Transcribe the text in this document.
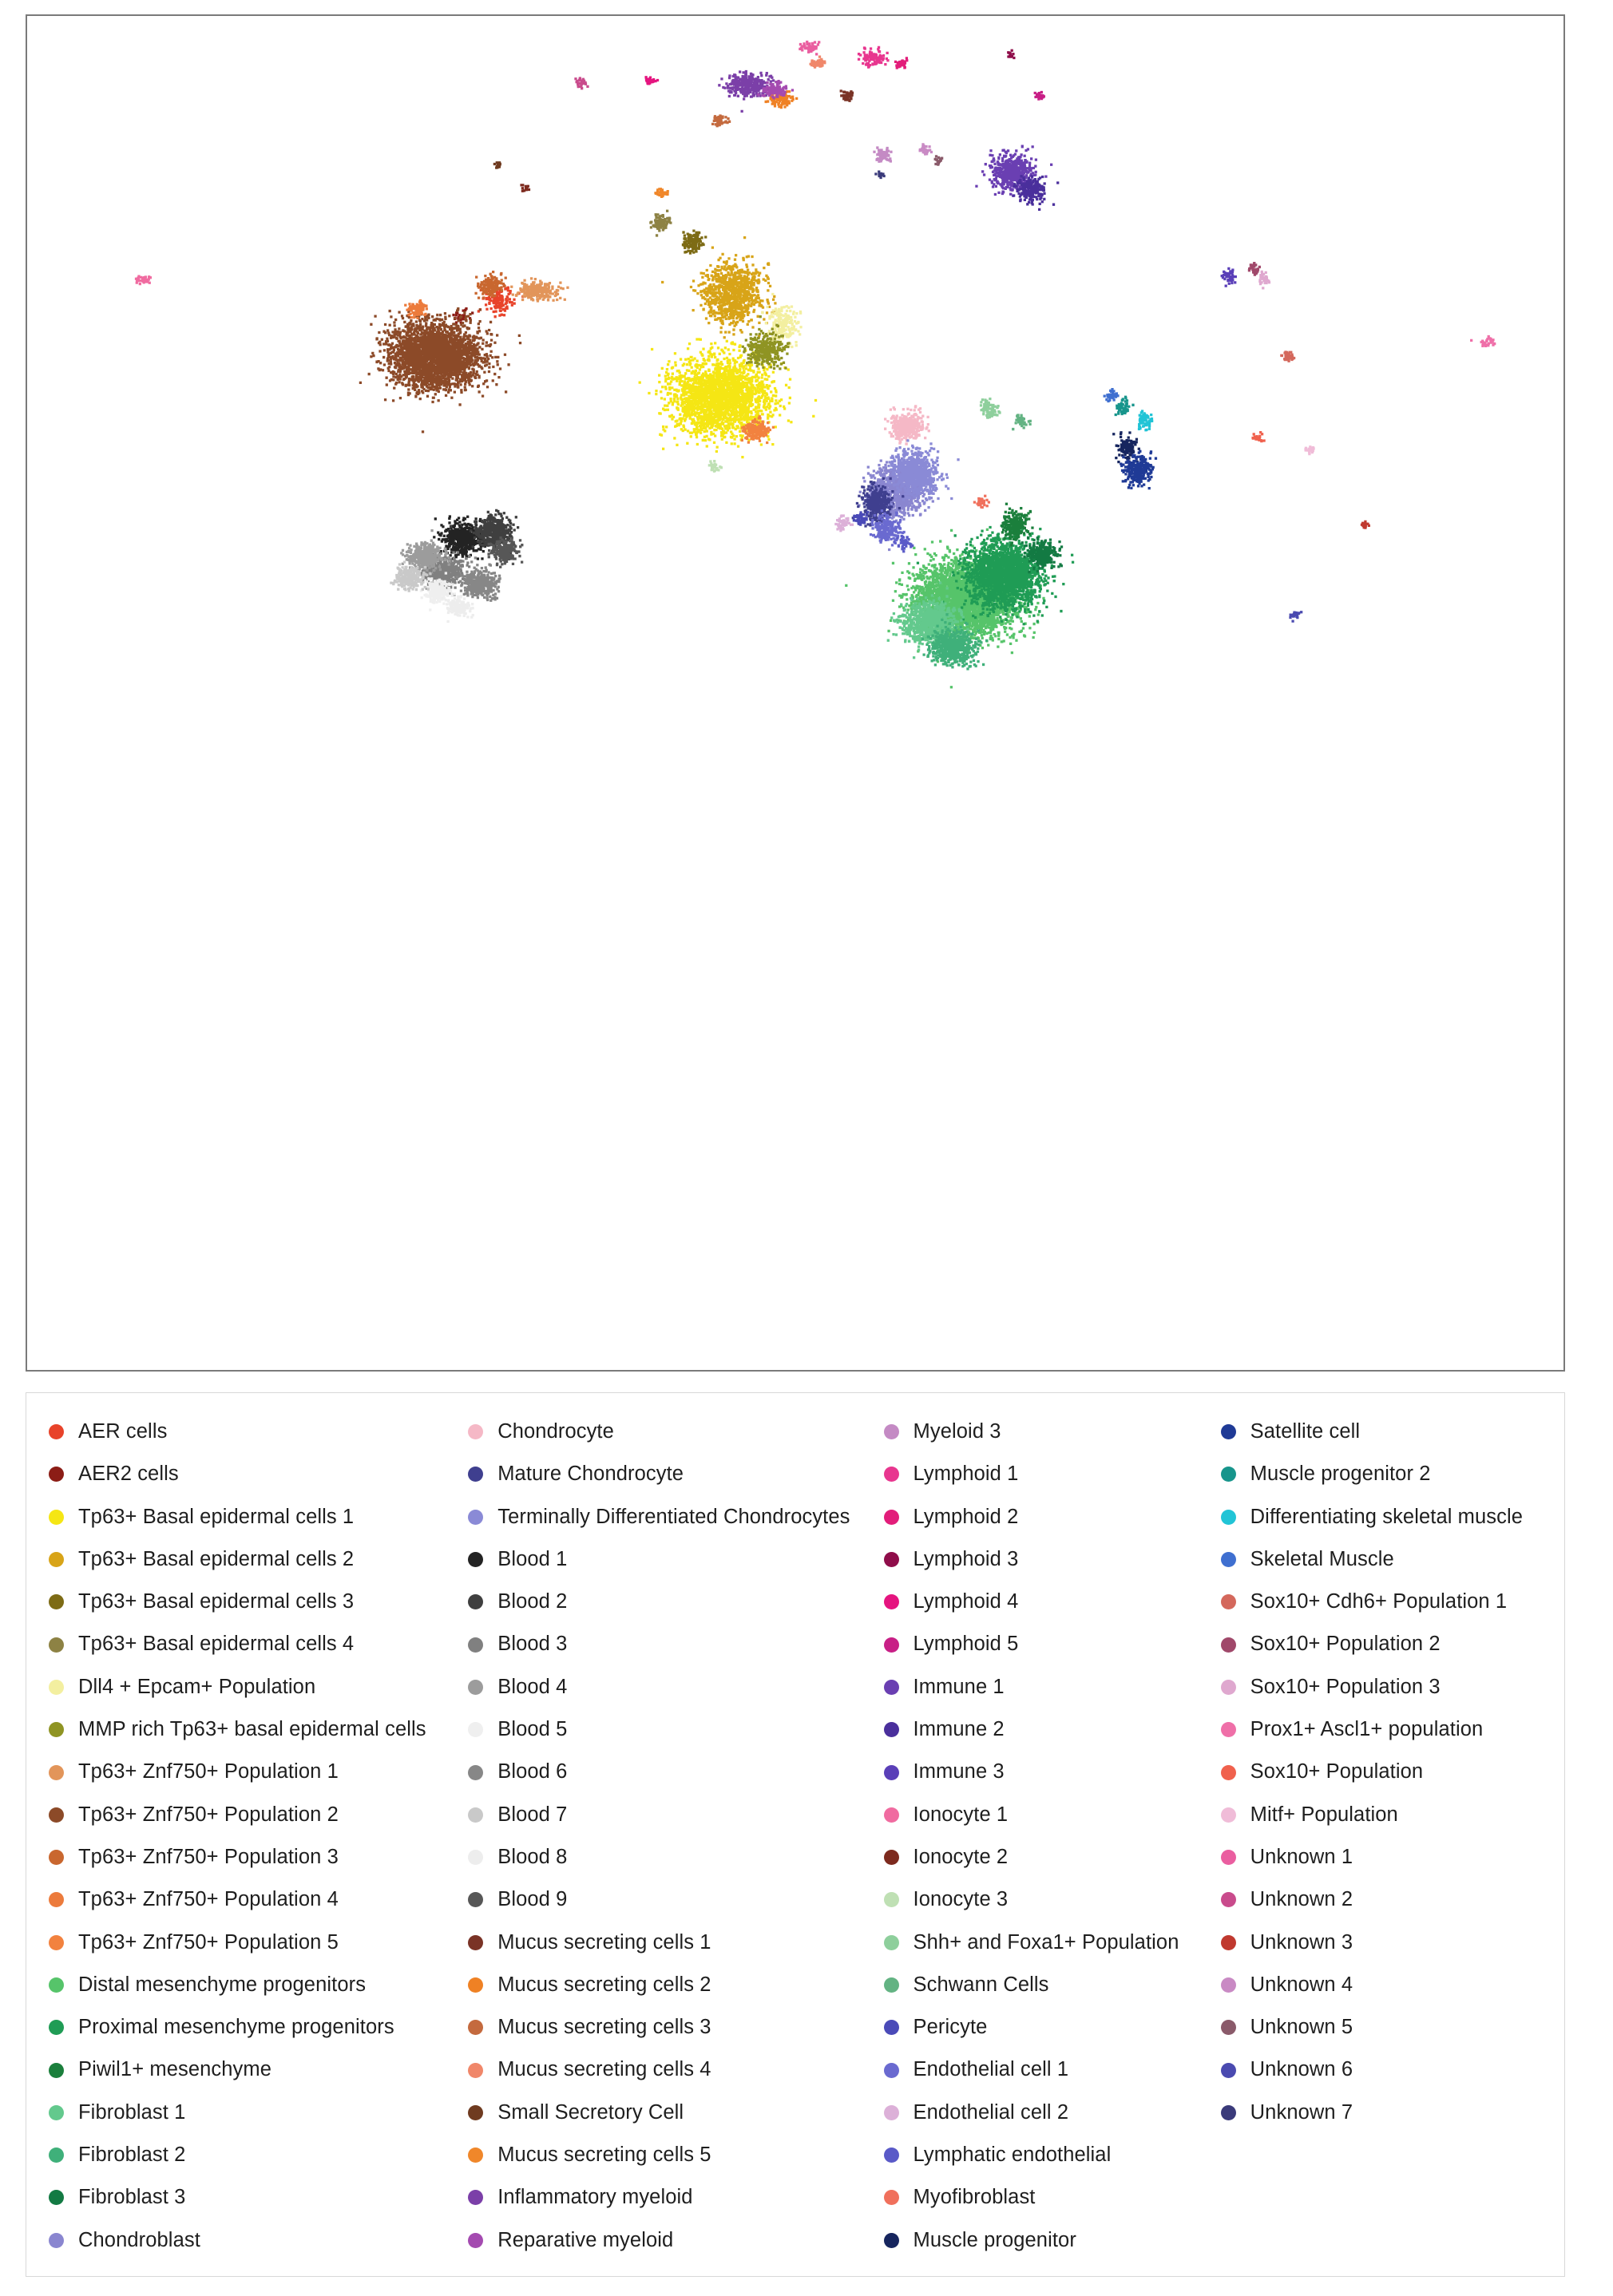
AER cells
AER2 cells
Tp63+ Basal epidermal cells 1
Tp63+ Basal epidermal cells 2
Tp63+ Basal epidermal cells 3
Tp63+ Basal epidermal cells 4
Dll4 + Epcam+ Population
MMP rich Tp63+ basal epidermal cells
Tp63+ Znf750+ Population 1
Tp63+ Znf750+ Population 2
Tp63+ Znf750+ Population 3
Tp63+ Znf750+ Population 4
Tp63+ Znf750+ Population 5
Distal mesenchyme progenitors
Proximal mesenchyme progenitors
Piwil1+ mesenchyme
Fibroblast 1
Fibroblast 2
Fibroblast 3
Chondroblast
Chondrocyte
Mature Chondrocyte
Terminally Differentiated Chondrocytes
Blood 1
Blood 2
Blood 3
Blood 4
Blood 5
Blood 6
Blood 7
Blood 8
Blood 9
Mucus secreting cells 1
Mucus secreting cells 2
Mucus secreting cells 3
Mucus secreting cells 4
Small Secretory Cell
Mucus secreting cells 5
Inflammatory myeloid
Reparative myeloid
Myeloid 3
Lymphoid 1
Lymphoid 2
Lymphoid 3
Lymphoid 4
Lymphoid 5
Immune 1
Immune 2
Immune 3
Ionocyte 1
Ionocyte 2
Ionocyte 3
Shh+ and Foxa1+ Population
Schwann Cells
Pericyte
Endothelial cell 1
Endothelial cell 2
Lymphatic endothelial
Myofibroblast
Muscle progenitor
Satellite cell
Muscle progenitor 2
Differentiating skeletal muscle
Skeletal Muscle
Sox10+ Cdh6+ Population 1
Sox10+ Population 2
Sox10+ Population 3
Prox1+ Ascl1+ population
Sox10+ Population
Mitf+ Population
Unknown 1
Unknown 2
Unknown 3
Unknown 4
Unknown 5
Unknown 6
Unknown 7
